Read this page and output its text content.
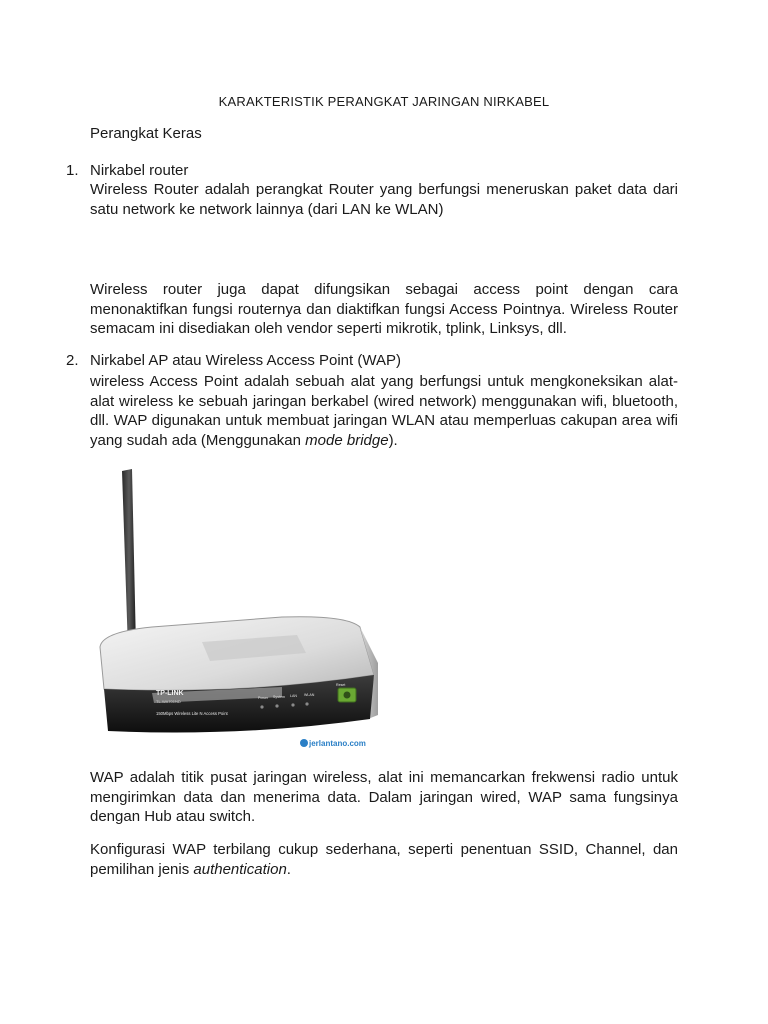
KARAKTERISTIK PERANGKAT JARINGAN NIRKABEL
Perangkat Keras
1. Nirkabel router
Wireless Router adalah perangkat Router yang berfungsi meneruskan paket data dari satu network ke network lainnya (dari LAN ke WLAN)
Wireless router juga dapat difungsikan sebagai access point dengan cara menonaktifkan fungsi routernya dan diaktifkan fungsi Access Pointnya. Wireless Router semacam ini disediakan oleh vendor seperti mikrotik, tplink, Linksys, dll.
2. Nirkabel AP atau Wireless Access Point (WAP)
wireless Access Point adalah sebuah alat yang berfungsi untuk mengkoneksikan alat-alat wireless ke sebuah jaringan berkabel (wired network) menggunakan wifi, bluetooth, dll. WAP digunakan untuk membuat jaringan WLAN atau memperluas cakupan area wifi yang sudah ada (Menggunakan mode bridge).
TP-LINK
TL-WA701ND
150Mbps Wireless Lite N Access Point
Power System LAN WLAN
Reset
jerlantano.com
WAP adalah titik pusat jaringan wireless, alat ini memancarkan frekwensi radio untuk mengirimkan data dan menerima data. Dalam jaringan wired, WAP sama fungsinya dengan Hub atau switch.
Konfigurasi WAP terbilang cukup sederhana, seperti penentuan SSID, Channel, dan pemilihan jenis authentication.
